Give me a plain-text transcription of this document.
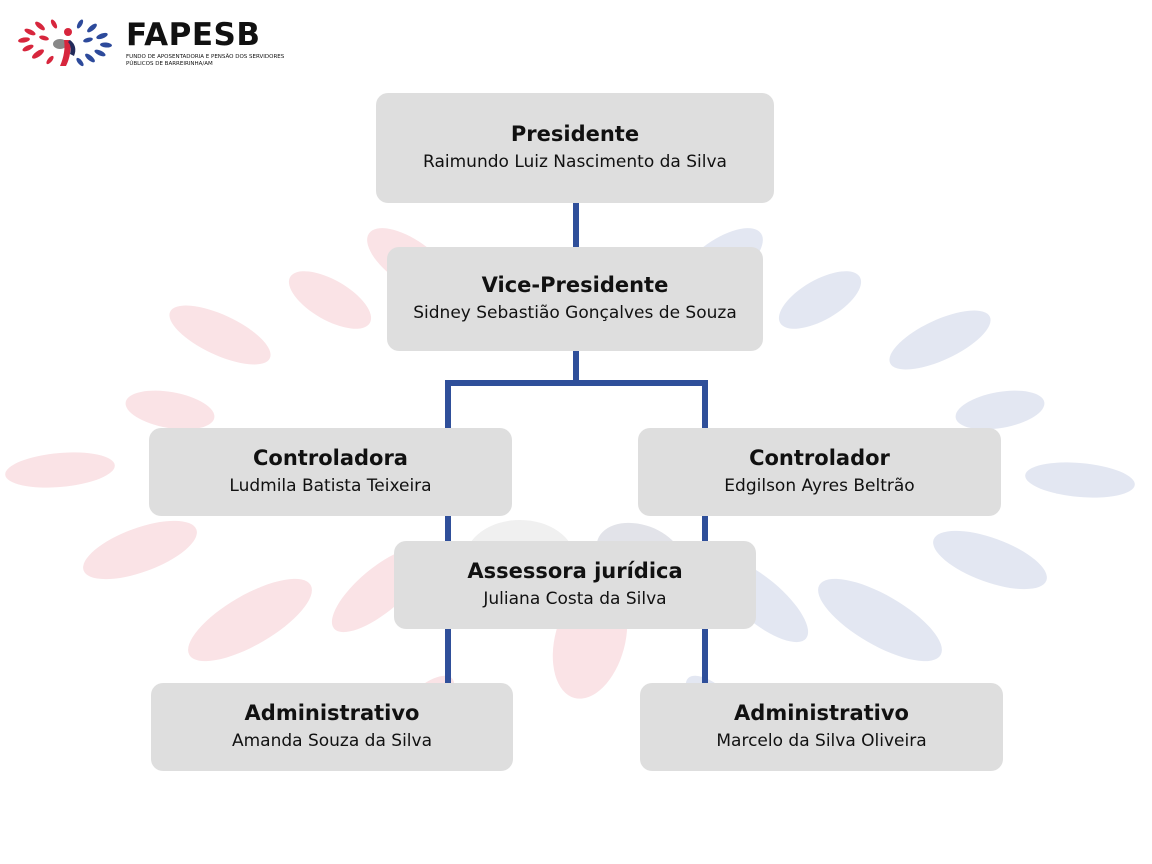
FAPESB
FUNDO DE APOSENTADORIA E PENSÃO DOS SERVIDORES PÚBLICOS DE BARREIRINHA/AM
Presidente
Raimundo Luiz Nascimento da Silva
Vice-Presidente
Sidney Sebastião Gonçalves de Souza
Controladora
Ludmila Batista Teixeira
Controlador
Edgilson Ayres Beltrão
Assessora jurídica
Juliana Costa da Silva
Administrativo
Amanda Souza da Silva
Administrativo
Marcelo da Silva Oliveira
